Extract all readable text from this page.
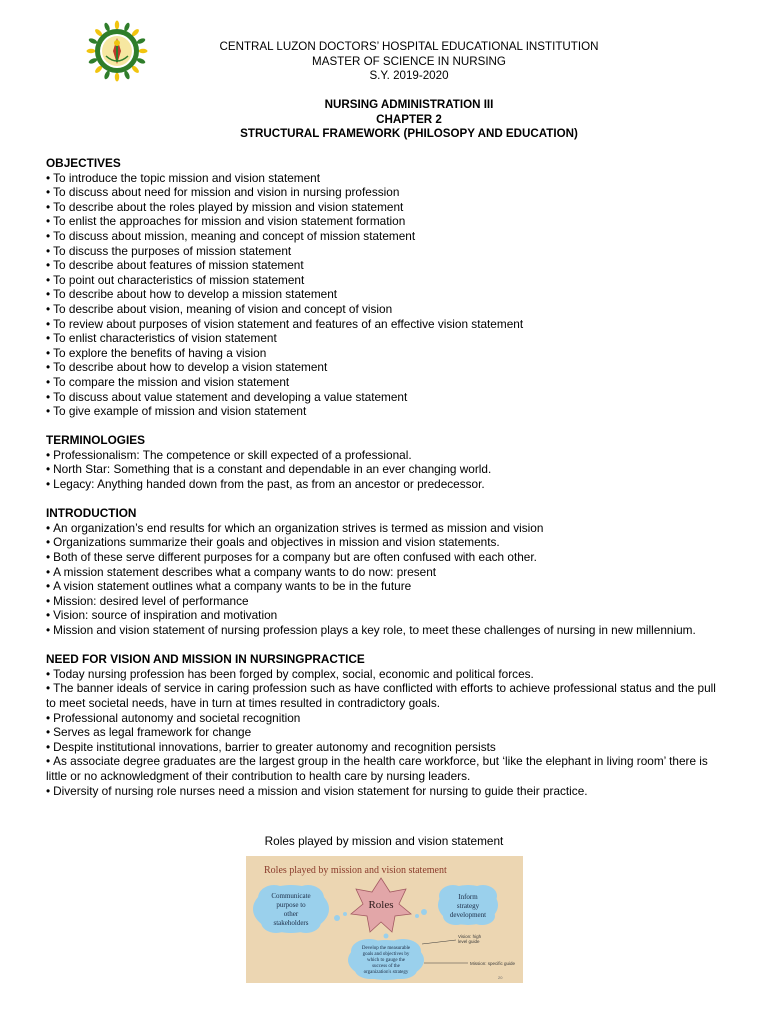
CENTRAL LUZON DOCTORS’ HOSPITAL EDUCATIONAL INSTITUTION
MASTER OF SCIENCE IN NURSING
S.Y. 2019-2020
NURSING ADMINISTRATION III
CHAPTER 2
STRUCTURAL FRAMEWORK (PHILOSOPY AND EDUCATION)
OBJECTIVES
• To introduce the topic mission and vision statement
• To discuss about need for mission and vision in nursing profession
• To describe about the roles played by mission and vision statement
• To enlist the approaches for mission and vision statement formation
• To discuss about mission, meaning and concept of mission statement
• To discuss the purposes of mission statement
• To describe about features of mission statement
• To point out characteristics of mission statement
• To describe about how to develop a mission statement
• To describe about vision, meaning of vision and concept of vision
• To review about purposes of vision statement and features of an effective vision statement
• To enlist characteristics of vision statement
• To explore the benefits of having a vision
• To describe about how to develop a vision statement
• To compare the mission and vision statement
• To discuss about value statement and developing a value statement
• To give example of mission and vision statement
TERMINOLOGIES
• Professionalism: The competence or skill expected of a professional.
• North Star: Something that is a constant and dependable in an ever changing world.
• Legacy: Anything handed down from the past, as from an ancestor or predecessor.
INTRODUCTION
• An organization’s end results for which an organization strives is termed as mission and vision
• Organizations summarize their goals and objectives in mission and vision statements.
• Both of these serve different purposes for a company but are often confused with each other.
• A mission statement describes what a company wants to do now: present
• A vision statement outlines what a company wants to be in the future
• Mission: desired level of performance
• Vision: source of inspiration and motivation
• Mission and vision statement of nursing profession plays a key role, to meet these challenges of nursing in new millennium.
NEED FOR VISION AND MISSION IN NURSINGPRACTICE
• Today nursing profession has been forged by complex, social, economic and political forces.
• The banner ideals of service in caring profession such as have conflicted with efforts to achieve professional status and the pull to meet societal needs, have in turn at times resulted in contradictory goals.
• Professional autonomy and societal recognition
• Serves as legal framework for change
• Despite institutional innovations, barrier to greater autonomy and recognition persists
• As associate degree graduates are the largest group in the health care workforce, but ‘like the elephant in living room’ there is little or no acknowledgment of their contribution to health care by nursing leaders.
• Diversity of nursing role nurses need a mission and vision statement for nursing to guide their practice.
Roles played by mission and vision statement
Roles played by mission and vision statement
Communicate
purpose to
other
stakeholders
Roles
Inform
strategy
development
Develop the measurable
goals and objectives by
which to gauge the
success of the
organization's strategy
Vision: high
level guide
Mission: specific guide
20
